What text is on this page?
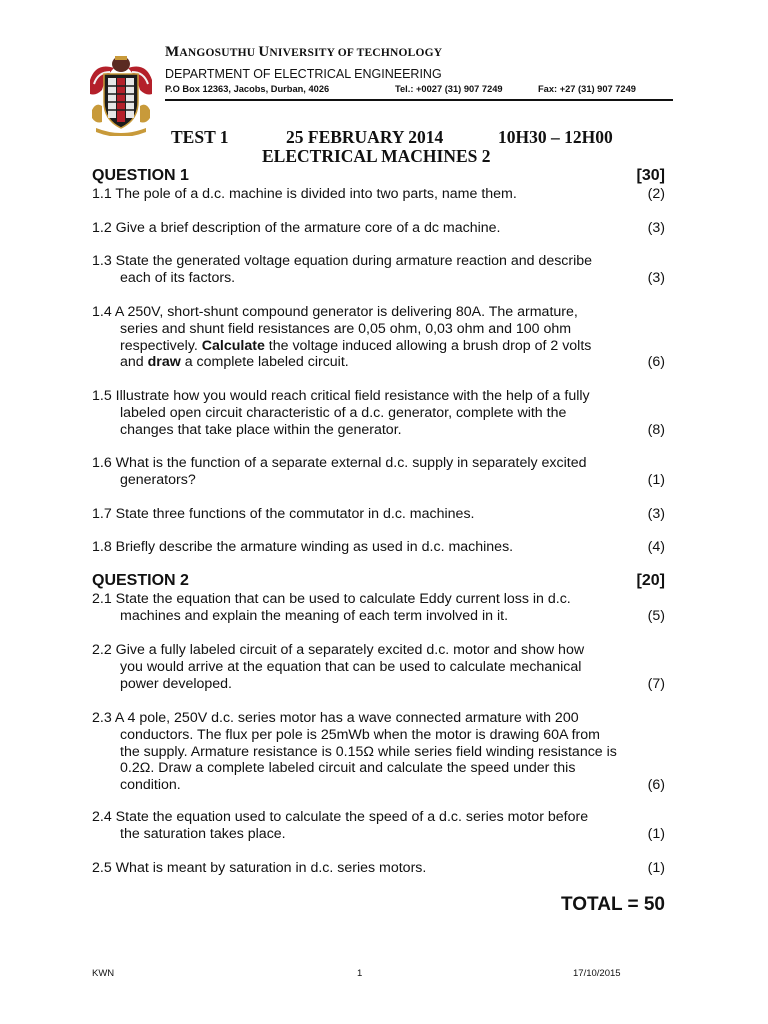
MANGOSUTHU UNIVERSITY OF TECHNOLOGY
DEPARTMENT OF ELECTRICAL ENGINEERING
P.O Box 12363, Jacobs, Durban, 4026	Tel.: +0027 (31) 907 7249	Fax: +27 (31) 907 7249
TEST 1	25 FEBRUARY 2014	10H30 – 12H00
ELECTRICAL MACHINES 2
QUESTION 1	[30]
1.1 The pole of a d.c. machine is divided into two parts, name them.	(2)
1.2 Give a brief description of the armature core of a dc machine.	(3)
1.3 State the generated voltage equation during armature reaction and describe
each of its factors.	(3)
1.4 A 250V, short-shunt compound generator is delivering 80A. The armature,
series and shunt field resistances are 0,05 ohm, 0,03 ohm and 100 ohm
respectively. Calculate the voltage induced allowing a brush drop of 2 volts
and draw a complete labeled circuit.	(6)
1.5 Illustrate how you would reach critical field resistance with the help of a fully
labeled open circuit characteristic of a d.c. generator, complete with the
changes that take place within the generator.	(8)
1.6 What is the function of a separate external d.c. supply in separately excited
generators?	(1)
1.7 State three functions of the commutator in d.c. machines.	(3)
1.8 Briefly describe the armature winding as used in d.c. machines.	(4)
QUESTION 2	[20]
2.1 State the equation that can be used to calculate Eddy current loss in d.c.
machines and explain the meaning of each term involved in it.	(5)
2.2 Give a fully labeled circuit of a separately excited d.c. motor and show how
you would arrive at the equation that can be used to calculate mechanical
power developed.	(7)
2.3 A 4 pole, 250V d.c. series motor has a wave connected armature with 200
conductors. The flux per pole is 25mWb when the motor is drawing 60A from
the supply. Armature resistance is 0.15Ω while series field winding resistance is
0.2Ω. Draw a complete labeled circuit and calculate the speed under this
condition.	(6)
2.4 State the equation used to calculate the speed of a d.c. series motor before
the saturation takes place.	(1)
2.5 What is meant by saturation in d.c. series motors.	(1)
TOTAL = 50
KWN	1	17/10/2015
